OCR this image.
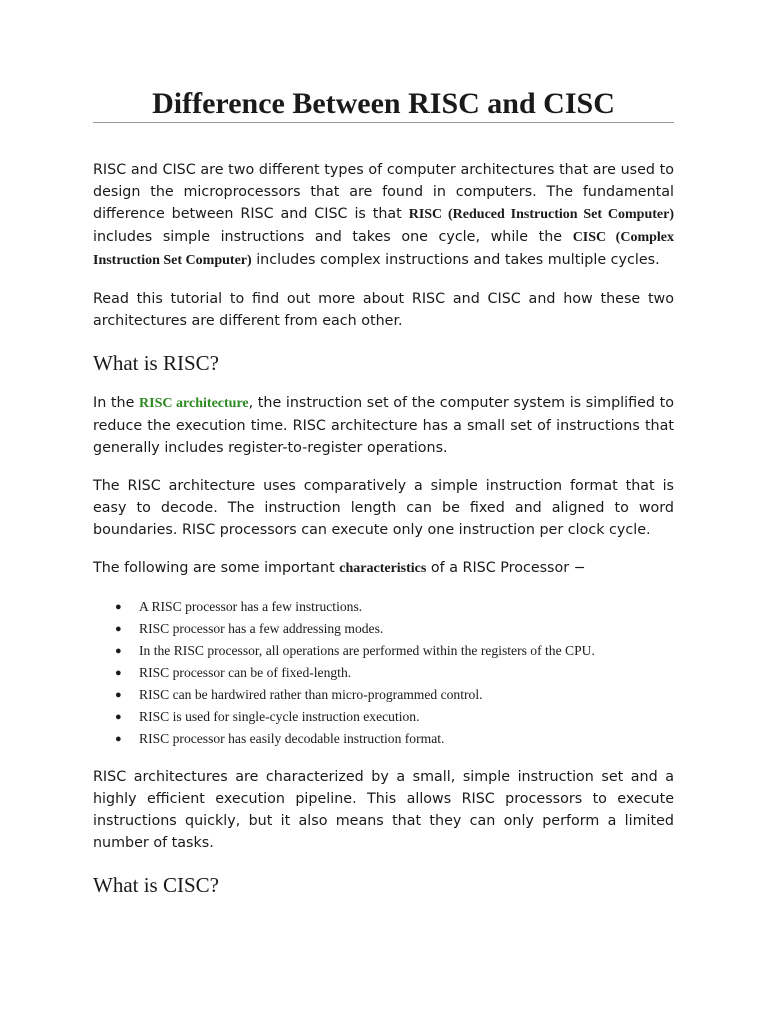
Difference Between RISC and CISC

RISC and CISC are two different types of computer architectures that are used to design the microprocessors that are found in computers. The fundamental difference between RISC and CISC is that RISC (Reduced Instruction Set Computer) includes simple instructions and takes one cycle, while the CISC (Complex Instruction Set Computer) includes complex instructions and takes multiple cycles.

Read this tutorial to find out more about RISC and CISC and how these two architectures are different from each other.

What is RISC?

In the RISC architecture, the instruction set of the computer system is simplified to reduce the execution time. RISC architecture has a small set of instructions that generally includes register-to-register operations.

The RISC architecture uses comparatively a simple instruction format that is easy to decode. The instruction length can be fixed and aligned to word boundaries. RISC processors can execute only one instruction per clock cycle.

The following are some important characteristics of a RISC Processor −

● A RISC processor has a few instructions.
● RISC processor has a few addressing modes.
● In the RISC processor, all operations are performed within the registers of the CPU.
● RISC processor can be of fixed-length.
● RISC can be hardwired rather than micro-programmed control.
● RISC is used for single-cycle instruction execution.
● RISC processor has easily decodable instruction format.

RISC architectures are characterized by a small, simple instruction set and a highly efficient execution pipeline. This allows RISC processors to execute instructions quickly, but it also means that they can only perform a limited number of tasks.

What is CISC?
